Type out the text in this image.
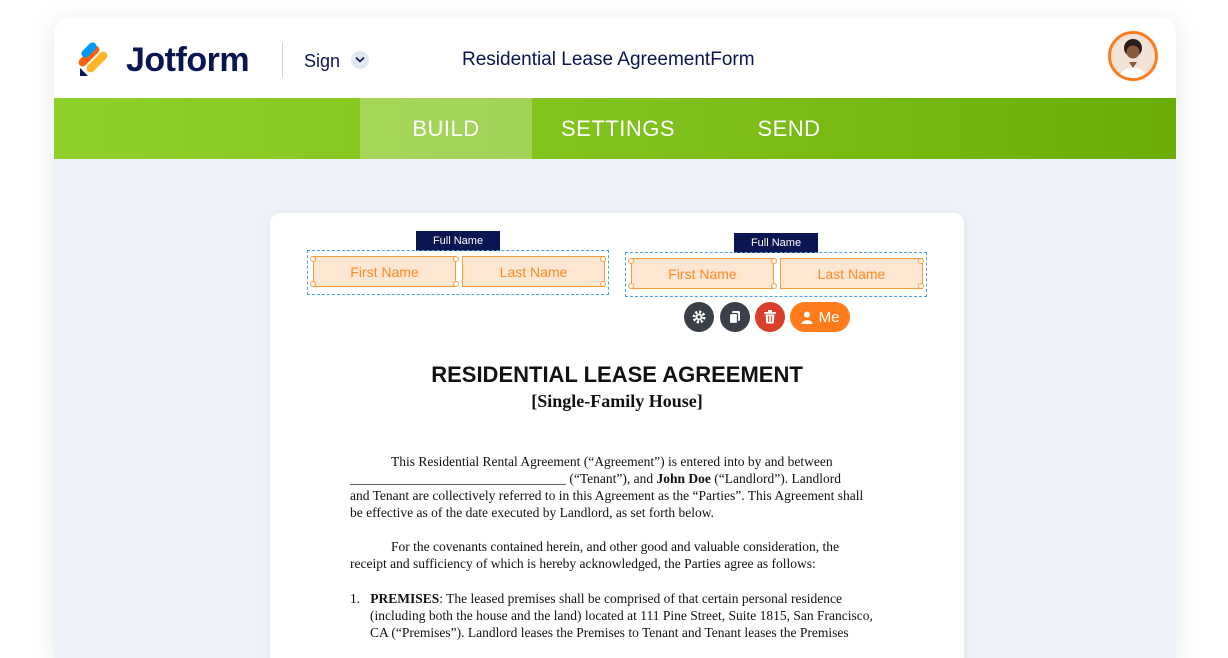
Jotform	Sign	Residential Lease AgreementForm
BUILD	SETTINGS	SEND
Full Name
First Name	Last Name
Full Name
First Name	Last Name
Me
RESIDENTIAL LEASE AGREEMENT
[Single-Family House]
This Residential Rental Agreement (“Agreement”) is entered into by and between
________________________________ (“Tenant”), and John Doe (“Landlord”). Landlord
and Tenant are collectively referred to in this Agreement as the “Parties”. This Agreement shall
be effective as of the date executed by Landlord, as set forth below.
For the covenants contained herein, and other good and valuable consideration, the
receipt and sufficiency of which is hereby acknowledged, the Parties agree as follows:
1. PREMISES: The leased premises shall be comprised of that certain personal residence
(including both the house and the land) located at 111 Pine Street, Suite 1815, San Francisco,
CA (“Premises”). Landlord leases the Premises to Tenant and Tenant leases the Premises
